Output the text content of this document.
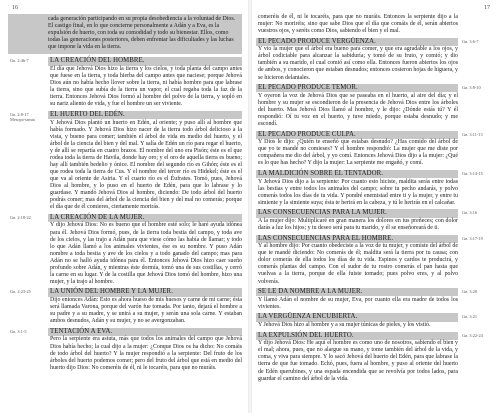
16
cada generación participando en su propia desobediencia a la voluntad de Dios. El castigo final, en lo que concierne personalmente a Adán y a Eva, es la expulsión de huerto, con toda su comodidad y todo su bienestar. Ellos, como todas las generaciones posteriores, deben enfrentar las dificultades y las luchas que impone la vida en la tierra.
Gn. 2:4b-7	LA CREACIÓN DEL HOMBRE.
El día que Jehová Dios hizo la tierra y los cielos, y toda planta del campo antes que fuese en la tierra, y toda hierba del campo antes que naciese; porque Jehová Dios aún no había hecho llover sobre la tierra, ni había hombre para que labrase la tierra, sino que subía de la tierra un vapor, el cual regaba toda la faz de la tierra. Entonces Jehová Dios formó al hombre del polvo de la tierra, y sopló en su nariz aliento de vida, y fue el hombre un ser viviente.
Gn. 2:8-17 Mesopo-tamia
EL HUERTO DEL EDÉN.
Y Jehová Dios plantó un huerto en Edén, al oriente; y puso allí al hombre que había formado. Y Jehová Dios hizo nacer de la tierra todo árbol delicioso a la vista, y bueno para comer; también el árbol de vida en medio del huerto, y el árbol de la ciencia del bien y del mal. Y salía de Edén un río para regar el huerto, y de allí se repartía en cuatro brazos. El nombre del uno era Pisón; éste es el que rodea toda la tierra de Havila, donde hay oro; y el oro de aquella tierra es bueno; hay allí también bedelio y ónice. El nombre del segundo río es Gihón; éste es el que rodea toda la tierra de Cus. Y el nombre del tercer río es Hidekel; éste es el que va al oriente de Asiria. Y el cuarto río es el Éufrates. Tomó, pues, Jehová Dios al hombre, y lo puso en el huerto de Edén, para que lo labrase y lo guardase. Y mandó Jehová Dios al hombre, diciendo: De todo árbol del huerto podrás comer; mas del árbol de la ciencia del bien y del mal no comerás; porque el día que de él comieres, ciertamente morirás.
Gn. 2:18-22	LA CREACIÓN DE LA MUJER.
Y dijo Jehová Dios: No es bueno que el hombre esté solo; le haré ayuda idónea para él. Jehová Dios formó, pues, de la tierra toda bestia del campo, y toda ave de los cielos, y las trajo a Adán para que viese cómo las había de llamar; y todo lo que Adán llamó a los animales vivientes, ése es su nombre. Y puso Adán nombre a toda bestia y ave de los cielos y a todo ganado del campo; mas para Adán no se halló ayuda idónea para él. Entonces Jehová Dios hizo caer sueño profundo sobre Adán, y mientras éste dormía, tomó una de sus costillas, y cerró la carne en su lugar. Y de la costilla que Jehová Dios tomó del hombre, hizo una mujer, y la trajo al hombre.
Gn. 2:23-25	LA UNIÓN DEL HOMBRE Y LA MUJER.
Dijo entonces Adán: Esto es ahora hueso de mis huesos y carne de mi carne; ésta será llamada Varona, porque del varón fue tomada. Por tanto, dejará el hombre a su padre y a su madre, y se unirá a su mujer, y serán una sola carne. Y estaban ambos desnudos, Adán y su mujer, y no se avergonzaban.
Gn. 3:1-5	TENTACIÓN A EVA.
Pero la serpiente era astuta, más que todos los animales del campo que Jehová Dios había hecho; la cual dijo a la mujer: ¿Conque Dios os ha dicho: No comáis de todo árbol del huerto? Y la mujer respondió a la serpiente: Del fruto de los árboles del huerto podemos comer; pero del fruto del árbol que está en medio del huerto dijo Dios: No comeréis de él, ni le tocaréis, para que no muráis.
17
comeréis de él, ni le tocaréis, para que no muráis. Entonces la serpiente dijo a la mujer: No moriréis; sino que sabe Dios que el día que comáis de él, serán abiertos vuestros ojos, y seréis como Dios, sabiendo el bien y el mal.
Gn. 3:6-7
EL PECADO PRODUCE VERGÜENZA.
Y vio la mujer que el árbol era bueno para comer, y que era agradable a los ojos, y árbol codiciable para alcanzar la sabiduría; y tomó de su fruto, y comió; y dio también a su marido, el cual comió así como ella. Entonces fueron abiertos los ojos de ambos, y conocieron que estaban desnudos; entonces cosieron hojas de higuera, y se hicieron delantales.
Gn. 3:8-10
EL PECADO PRODUCE TEMOR.
Y oyeron la voz de Jehová Dios que se paseaba en el huerto, al aire del día; y el hombre y su mujer se escondieron de la presencia de Jehová Dios entre los árboles del huerto. Mas Jehová Dios llamó al hombre, y le dijo: ¿Dónde estás tú? Y él respondió: Oí tu voz en el huerto, y tuve miedo, porque estaba desnudo; y me escondí.
Gn. 3:11-13
EL PECADO PRODUCE CULPA.
Y Dios le dijo: ¿Quién te enseñó que estabas desnudo? ¿Has comido del árbol de que yo te mandé no comieses? Y el hombre respondió: La mujer que me diste por compañera me dio del árbol, y yo comí. Entonces Jehová Dios dijo a la mujer: ¿Qué es lo que has hecho? Y dijo la mujer: La serpiente me engañó, y comí.
Gn. 3:14-15
LA MALDICIÓN SOBRE EL TENTADOR.
Y Jehová Dios dijo a la serpiente: Por cuanto esto hiciste, maldita serás entre todas las bestias y entre todos los animales del campo; sobre tu pecho andarás, y polvo comerás todos los días de tu vida. Y pondré enemistad entre ti y la mujer, y entre tu simiente y la simiente suya; ésta te herirá en la cabeza, y tú le herirás en el calcañar.
Gn. 3:16
LAS CONSECUENCIAS PARA LA MUJER.
A la mujer dijo: Multiplicaré en gran manera los dolores en tus preñeces; con dolor darás a luz los hijos; y tu deseo será para tu marido, y él se enseñoreará de ti.
Gn. 3:17-19
LAS CONSECUENCIAS PARA EL HOMBRE.
Y al hombre dijo: Por cuanto obedeciste a la voz de tu mujer, y comiste del árbol de que te mandé diciendo: No comerás de él; maldita será la tierra por tu causa; con dolor comerás de ella todos los días de tu vida. Espinos y cardos te producirá, y comerás plantas del campo. Con el sudor de tu rostro comerás el pan hasta que vuelvas a la tierra, porque de ella fuiste tomado; pues polvo eres, y al polvo volverás.
Gn. 3:20
SE LE DA NOMBRE A LA MUJER.
Y llamó Adán el nombre de su mujer, Eva, por cuanto ella era madre de todos los vivientes.
Gn. 3:21
LA VERGÜENZA ENCUBIERTA.
Y Jehová Dios hizo al hombre y a su mujer túnicas de pieles, y los vistió.
Gn. 3:22-24
LA EXPULSIÓN DEL HUERTO.
Y dijo Jehová Dios: He aquí el hombre es como uno de nosotros, sabiendo el bien y el mal; ahora, pues, que no alargue su mano, y tome también del árbol de la vida, y coma, y viva para siempre. Y lo sacó Jehová del huerto del Edén, para que labrase la tierra de que fue tomado. Echó, pues, fuera al hombre, y puso al oriente del huerto de Edén querubines, y una espada encendida que se revolvía por todos lados, para guardar el camino del árbol de la vida.
